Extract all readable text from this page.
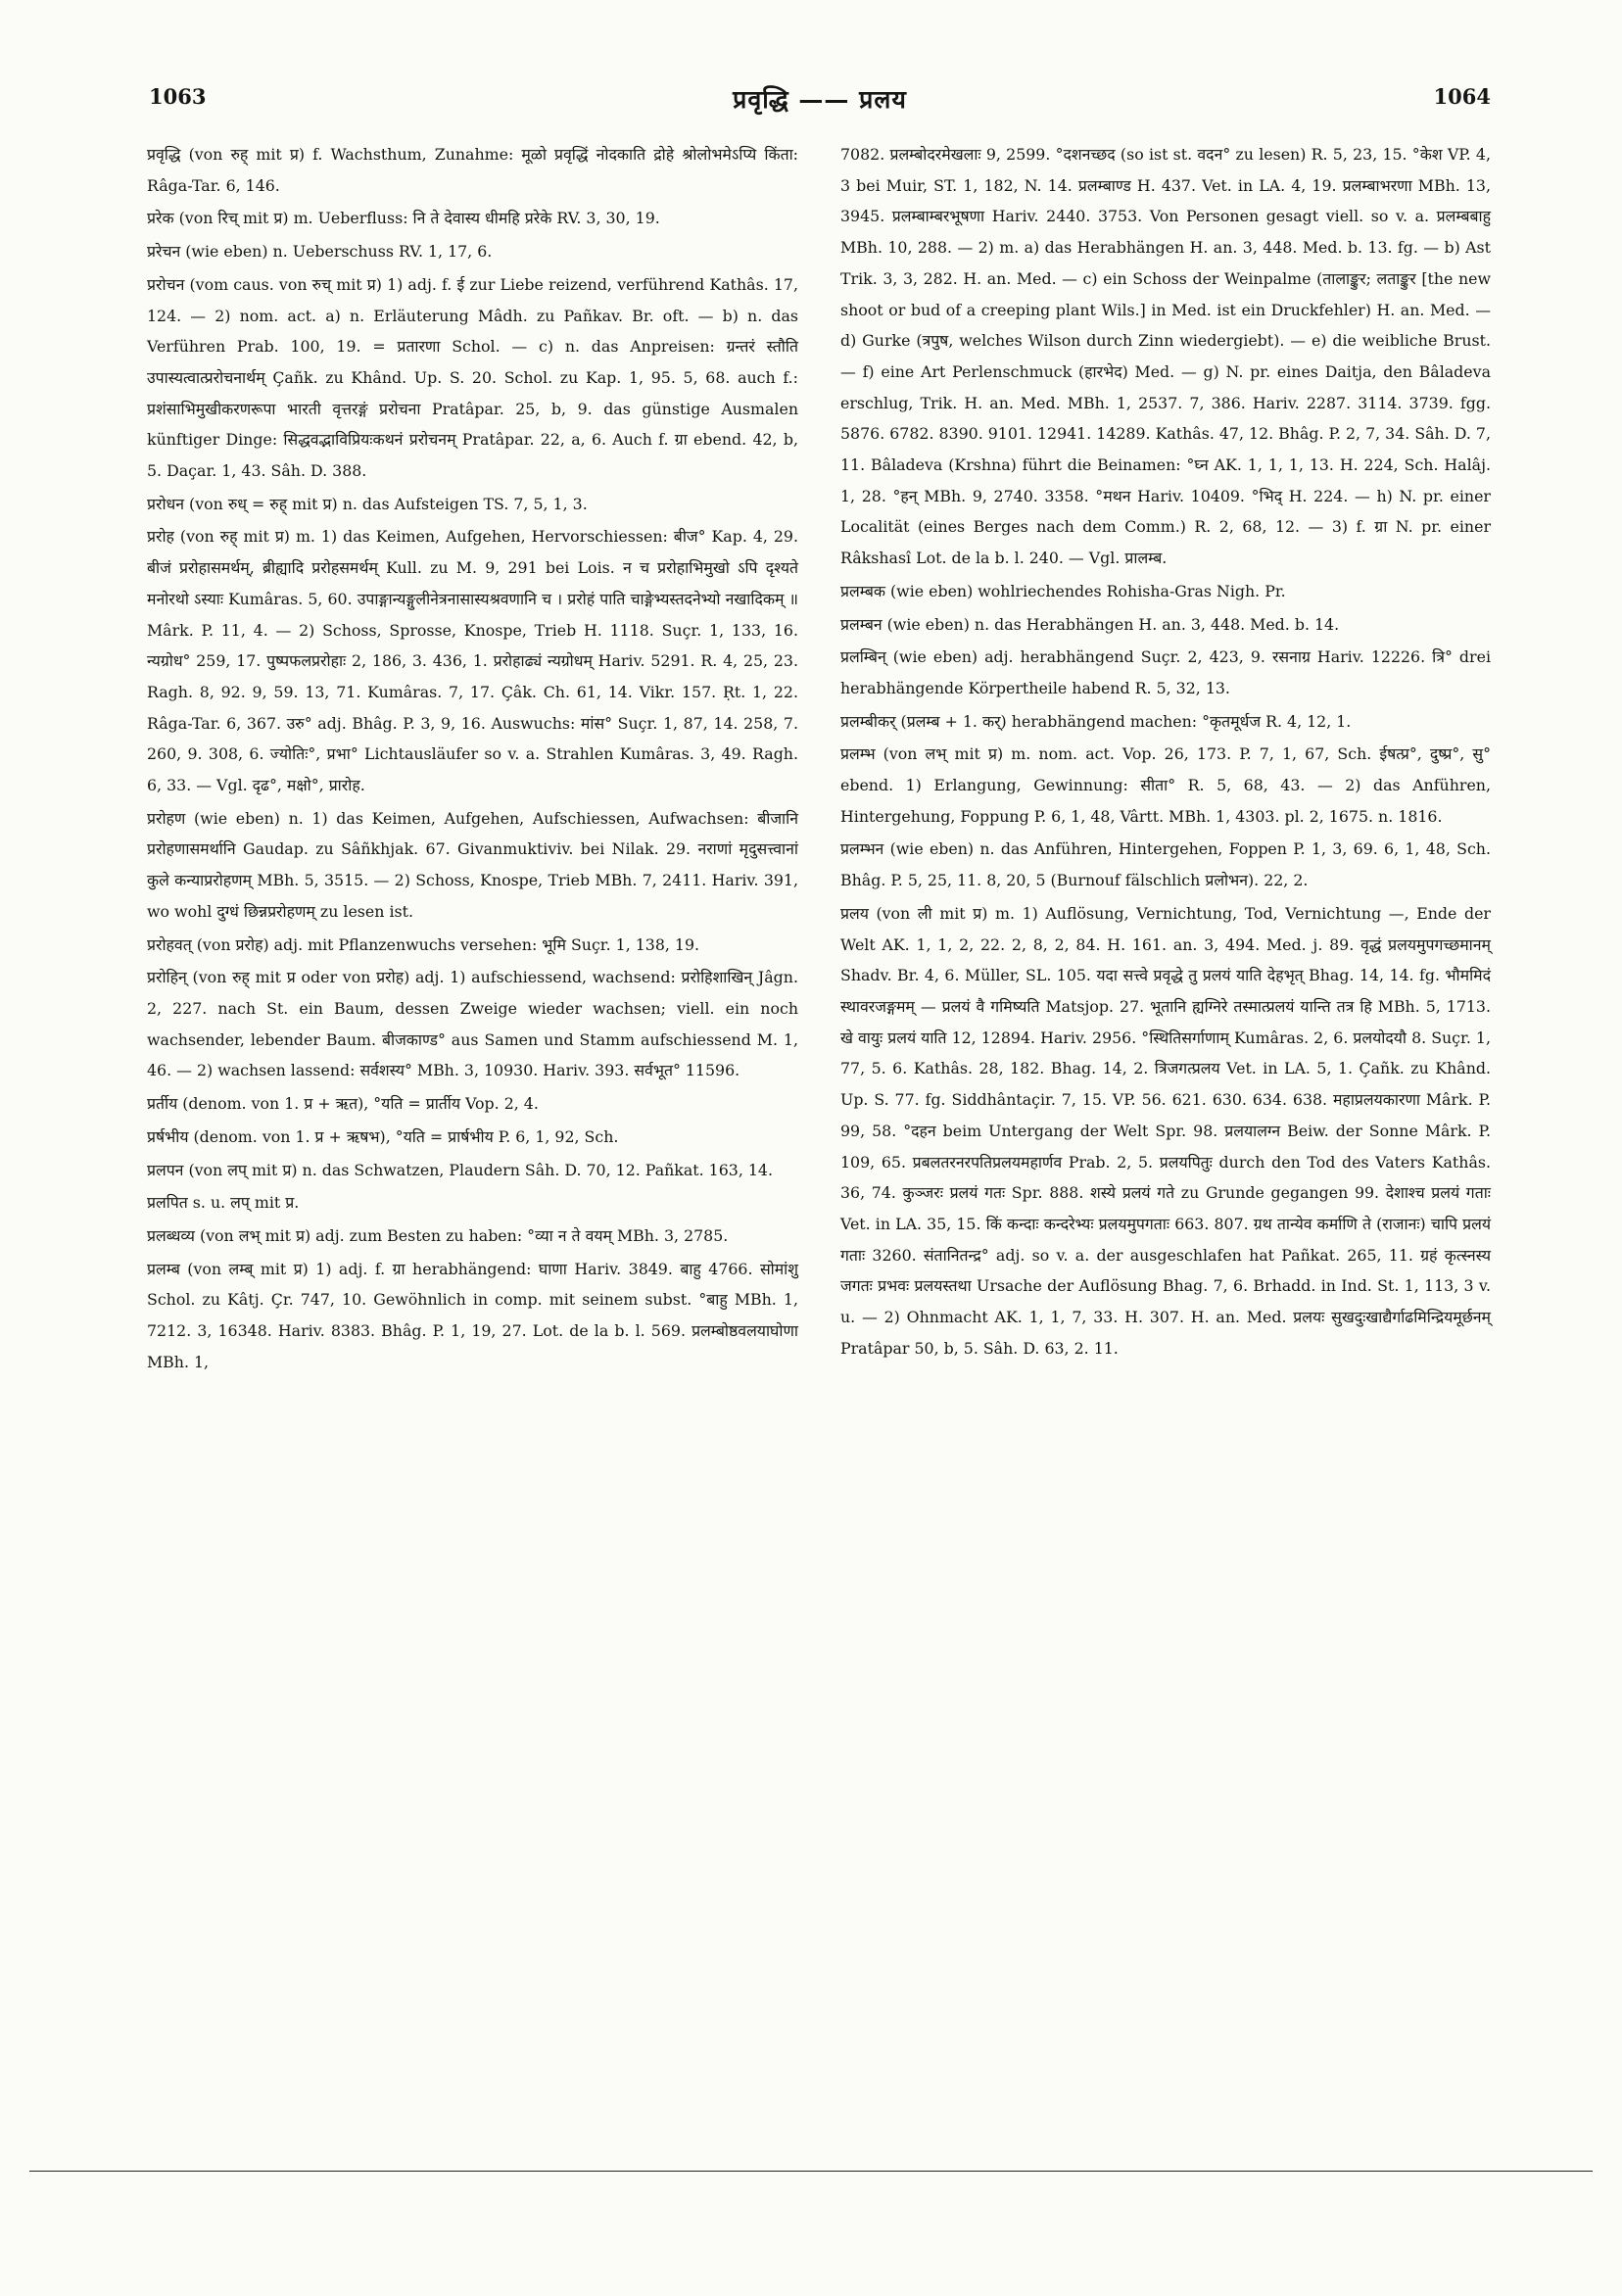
1063	प्रवृद्धि —— प्रलय	1064

प्रवृद्धि (von रुह् mit प्र) f. Wachsthum, Zunahme: मूळो प्रवृद्धिं नोदकाति द्रोहे श्रोलोभमेऽप्यि किंता: Râga-Tar. 6, 146.

प्ररेक (von रिच् mit प्र) m. Ueberfluss: नि ते देवास्य धीमहि प्ररेके RV. 3, 30, 19.

प्ररेचन (wie eben) n. Ueberschuss RV. 1, 17, 6.

प्ररोचन (vom caus. von रुच् mit प्र) 1) adj. f. ई zur Liebe reizend, verführend Kathâs. 17, 124. — 2) nom. act. a) n. Erläuterung Mâdh. zu Pañkav. Br. oft. — b) n. das Verführen Prab. 100, 19. = प्रतारणा Schol. — c) n. das Anpreisen: ग्रन्तरं स्तौति उपास्यत्वात्प्ररोचनार्थम् Çañk. zu Khând. Up. S. 20. Schol. zu Kap. 1, 95. 5, 68. auch f.: प्रशंसाभिमुखीकरणरूपा भारती वृत्तरङ्गं प्ररोचना Pratâpar. 25, b, 9. das günstige Ausmalen künftiger Dinge: सिद्धवद्भाविप्रियःकथनं प्ररोचनम् Pratâpar. 22, a, 6. Auch f. ग्रा ebend. 42, b, 5. Daçar. 1, 43. Sâh. D. 388.

प्ररोधन (von रुध् = रुह् mit प्र) n. das Aufsteigen TS. 7, 5, 1, 3.

प्ररोह (von रुह् mit प्र) m. 1) das Keimen, Aufgehen, Hervorschiessen: बीज° Kap. 4, 29. बीजं प्ररोहासमर्थम्, ब्रीह्यादि प्ररोहसमर्थम् Kull. zu M. 9, 291 bei Lois. न च प्ररोहाभिमुखो ऽपि दृश्यते मनोरथो ऽस्याः Kumâras. 5, 60. उपाङ्गान्यङ्गुलीनेत्रनासास्यश्रवणानि च । प्ररोहं पाति चाङ्गेभ्यस्तदनेभ्यो नखादिकम् ॥ Mârk. P. 11, 4. — 2) Schoss, Sprosse, Knospe, Trieb H. 1118. Suçr. 1, 133, 16. न्यग्रोध° 259, 17. पुष्पफलप्ररोहाः 2, 186, 3. 436, 1. प्ररोहाढ्यं न्यग्रोधम् Hariv. 5291. R. 4, 25, 23. Ragh. 8, 92. 9, 59. 13, 71. Kumâras. 7, 17. Çâk. Ch. 61, 14. Vikr. 157. Ṛt. 1, 22. Râga-Tar. 6, 367. उरु° adj. Bhâg. P. 3, 9, 16. Auswuchs: मांस° Suçr. 1, 87, 14. 258, 7. 260, 9. 308, 6. ज्योतिः°, प्रभा° Lichtausläufer so v. a. Strahlen Kumâras. 3, 49. Ragh. 6, 33. — Vgl. दृढ°, मक्षो°, प्रारोह.

प्ररोहण (wie eben) n. 1) das Keimen, Aufgehen, Aufschiessen, Aufwachsen: बीजानि प्ररोहणासमर्थानि Gaudap. zu Sâñkhjak. 67. Givanmuktiviv. bei Nilak. 29. नराणां मृदुसत्त्वानां कुले कन्याप्ररोहणम् MBh. 5, 3515. — 2) Schoss, Knospe, Trieb MBh. 7, 2411. Hariv. 391, wo wohl दुग्धं छिन्नप्ररोहणम् zu lesen ist.

प्ररोहवत् (von प्ररोह) adj. mit Pflanzenwuchs versehen: भूमि Suçr. 1, 138, 19.

प्ररोहिन् (von रुह् mit प्र oder von प्ररोह) adj. 1) aufschiessend, wachsend: प्ररोहिशाखिन् Jâgn. 2, 227. nach St. ein Baum, dessen Zweige wieder wachsen; viell. ein noch wachsender, lebender Baum. बीजकाण्ड° aus Samen und Stamm aufschiessend M. 1, 46. — 2) wachsen lassend: सर्वशस्य° MBh. 3, 10930. Hariv. 393. सर्वभूत° 11596.

प्रर्तीय (denom. von 1. प्र + ऋत), °यति = प्रार्तीय Vop. 2, 4.

प्रर्षभीय (denom. von 1. प्र + ऋषभ), °यति = प्रार्षभीय P. 6, 1, 92, Sch.

प्रलपन (von लप् mit प्र) n. das Schwatzen, Plaudern Sâh. D. 70, 12. Pañkat. 163, 14.

प्रलपित s. u. लप् mit प्र.

प्रलब्धव्य (von लभ् mit प्र) adj. zum Besten zu haben: °व्या न ते वयम् MBh. 3, 2785.

प्रलम्ब (von लम्ब् mit प्र) 1) adj. f. ग्रा herabhängend: घाणा Hariv. 3849. बाहु 4766. सोमांशु Schol. zu Kâtj. Çr. 747, 10. Gewöhnlich in comp. mit seinem subst. °बाहु MBh. 1, 7212. 3, 16348. Hariv. 8383. Bhâg. P. 1, 19, 27. Lot. de la b. l. 569. प्रलम्बोष्ठवलयाघोणा MBh. 1,

7082. प्रलम्बोदरमेखलाः 9, 2599. °दशनच्छद (so ist st. वदन° zu lesen) R. 5, 23, 15. °केश VP. 4, 3 bei Muir, ST. 1, 182, N. 14. प्रलम्बाण्ड H. 437. Vet. in LA. 4, 19. प्रलम्बाभरणा MBh. 13, 3945. प्रलम्बाम्बरभूषणा Hariv. 2440. 3753. Von Personen gesagt viell. so v. a. प्रलम्बबाहु MBh. 10, 288. — 2) m. a) das Herabhängen H. an. 3, 448. Med. b. 13. fg. — b) Ast Trik. 3, 3, 282. H. an. Med. — c) ein Schoss der Weinpalme (तालाङ्कुर; लताङ्कुर [the new shoot or bud of a creeping plant Wils.] in Med. ist ein Druckfehler) H. an. Med. — d) Gurke (त्रपुष, welches Wilson durch Zinn wiedergiebt). — e) die weibliche Brust. — f) eine Art Perlenschmuck (हारभेद) Med. — g) N. pr. eines Daitja, den Bâladeva erschlug, Trik. H. an. Med. MBh. 1, 2537. 7, 386. Hariv. 2287. 3114. 3739. fgg. 5876. 6782. 8390. 9101. 12941. 14289. Kathâs. 47, 12. Bhâg. P. 2, 7, 34. Sâh. D. 7, 11. Bâladeva (Krshna) führt die Beinamen: °घ्न AK. 1, 1, 1, 13. H. 224, Sch. Halâj. 1, 28. °हन् MBh. 9, 2740. 3358. °मथन Hariv. 10409. °भिद् H. 224. — h) N. pr. einer Localität (eines Berges nach dem Comm.) R. 2, 68, 12. — 3) f. ग्रा N. pr. einer Râkshasî Lot. de la b. l. 240. — Vgl. प्रालम्ब.

प्रलम्बक (wie eben) wohlriechendes Rohisha-Gras Nigh. Pr.

प्रलम्बन (wie eben) n. das Herabhängen H. an. 3, 448. Med. b. 14.

प्रलम्बिन् (wie eben) adj. herabhängend Suçr. 2, 423, 9. रसनाग्र Hariv. 12226. त्रि° drei herabhängende Körpertheile habend R. 5, 32, 13.

प्रलम्बीकर् (प्रलम्ब + 1. कर्) herabhängend machen: °कृतमूर्धज R. 4, 12, 1.

प्रलम्भ (von लभ् mit प्र) m. nom. act. Vop. 26, 173. P. 7, 1, 67, Sch. ईषत्प्र°, दुष्प्र°, सु° ebend. 1) Erlangung, Gewinnung: सीता° R. 5, 68, 43. — 2) das Anführen, Hintergehung, Foppung P. 6, 1, 48, Vârtt. MBh. 1, 4303. pl. 2, 1675. n. 1816.

प्रलम्भन (wie eben) n. das Anführen, Hintergehen, Foppen P. 1, 3, 69. 6, 1, 48, Sch. Bhâg. P. 5, 25, 11. 8, 20, 5 (Burnouf fälschlich प्रलोभन). 22, 2.

प्रलय (von ली mit प्र) m. 1) Auflösung, Vernichtung, Tod, Vernichtung —, Ende der Welt AK. 1, 1, 2, 22. 2, 8, 2, 84. H. 161. an. 3, 494. Med. j. 89. वृद्धं प्रलयमुपगच्छमानम् Shadv. Br. 4, 6. Müller, SL. 105. यदा सत्त्वे प्रवृद्धे तु प्रलयं याति देहभृत् Bhag. 14, 14. fg. भौममिदं स्थावरजङ्गमम् — प्रलयं वै गमिष्यति Matsjop. 27. भूतानि ह्यग्निरे तस्मात्प्रलयं यान्ति तत्र हि MBh. 5, 1713. खे वायुः प्रलयं याति 12, 12894. Hariv. 2956. °स्थितिसर्गाणाम् Kumâras. 2, 6. प्रलयोदयौ 8. Suçr. 1, 77, 5. 6. Kathâs. 28, 182. Bhag. 14, 2. त्रिजगत्प्रलय Vet. in LA. 5, 1. Çañk. zu Khând. Up. S. 77. fg. Siddhântaçir. 7, 15. VP. 56. 621. 630. 634. 638. महाप्रलयकारणा Mârk. P. 99, 58. °दहन beim Untergang der Welt Spr. 98. प्रलयालग्न Beiw. der Sonne Mârk. P. 109, 65. प्रबलतरनरपतिप्रलयमहार्णव Prab. 2, 5. प्रलयपितुः durch den Tod des Vaters Kathâs. 36, 74. कुञ्जरः प्रलयं गतः Spr. 888. शस्ये प्रलयं गते zu Grunde gegangen 99. देशाश्च प्रलयं गताः Vet. in LA. 35, 15. किं कन्दाः कन्दरेभ्यः प्रलयमुपगताः 663. 807. ग्रथ तान्येव कर्माणि ते (राजानः) चापि प्रलयं गताः 3260. संतानितन्द्र° adj. so v. a. der ausgeschlafen hat Pañkat. 265, 11. ग्रहं कृत्स्नस्य जगतः प्रभवः प्रलयस्तथा Ursache der Auflösung Bhag. 7, 6. Brhadd. in Ind. St. 1, 113, 3 v. u. — 2) Ohnmacht AK. 1, 1, 7, 33. H. 307. H. an. Med. प्रलयः सुखदुःखाद्यैर्गाढमिन्द्रियमूर्छनम् Pratâpar 50, b, 5. Sâh. D. 63, 2. 11.
